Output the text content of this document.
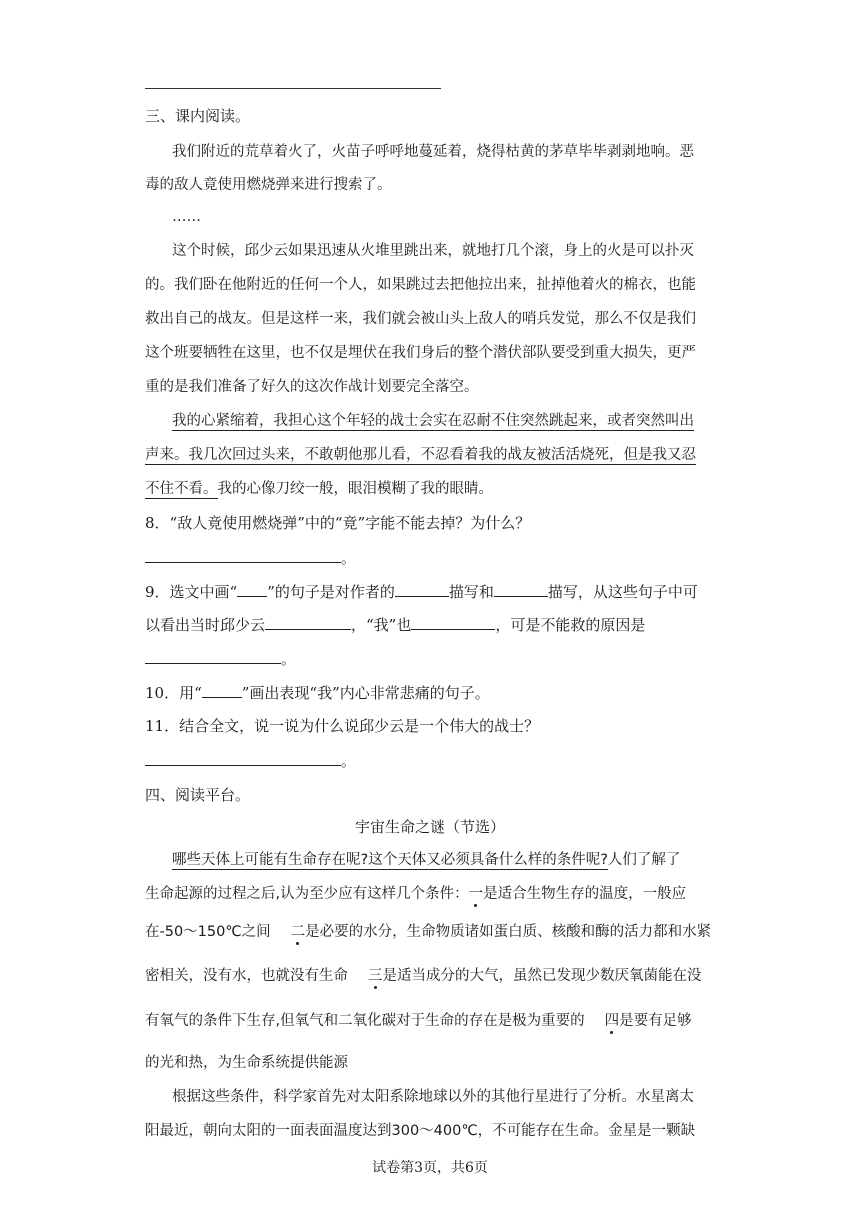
三、课内阅读。
我们附近的荒草着火了，火苗子呼呼地蔓延着，烧得枯黄的茅草毕毕剥剥地响。恶
毒的敌人竟使用燃烧弹来进行搜索了。
……
这个时候，邱少云如果迅速从火堆里跳出来，就地打几个滚，身上的火是可以扑灭
的。我们卧在他附近的任何一个人，如果跳过去把他拉出来，扯掉他着火的棉衣，也能
救出自己的战友。但是这样一来，我们就会被山头上敌人的哨兵发觉，那么不仅是我们
这个班要牺牲在这里，也不仅是埋伏在我们身后的整个潜伏部队要受到重大损失，更严
重的是我们准备了好久的这次作战计划要完全落空。
我的心紧缩着，我担心这个年轻的战士会实在忍耐不住突然跳起来，或者突然叫出
声来。我几次回过头来，不敢朝他那儿看，不忍看着我的战友被活活烧死，但是我又忍
不住不看。我的心像刀绞一般，眼泪模糊了我的眼睛。
8．“敌人竟使用燃烧弹”中的“竟”字能不能去掉？为什么？
。
9．选文中画“ ”的句子是对作者的	描写和	描写，从这些句子中可
以看出当时邱少云	，“我”也	，可是不能救的原因是
。
10．用“	”画出表现“我”内心非常悲痛的句子。
11．结合全文，说一说为什么说邱少云是一个伟大的战士？
。
四、阅读平台。
宇宙生命之谜（节选）
哪些天体上可能有生命存在呢?这个天体又必须具备什么样的条件呢?人们了解了
生命起源的过程之后,认为至少应有这样几个条件：一是适合生物生存的温度，一般应
在-50～150℃之间 二是必要的水分，生命物质诸如蛋白质、核酸和酶的活力都和水紧
密相关，没有水，也就没有生命 三是适当成分的大气，虽然已发现少数厌氧菌能在没
有氧气的条件下生存,但氧气和二氧化碳对于生命的存在是极为重要的 四是要有足够
的光和热，为生命系统提供能源
根据这些条件，科学家首先对太阳系除地球以外的其他行星进行了分析。水星离太
阳最近，朝向太阳的一面表面温度达到300～400℃，不可能存在生命。金星是一颗缺
试卷第3页，共6页
